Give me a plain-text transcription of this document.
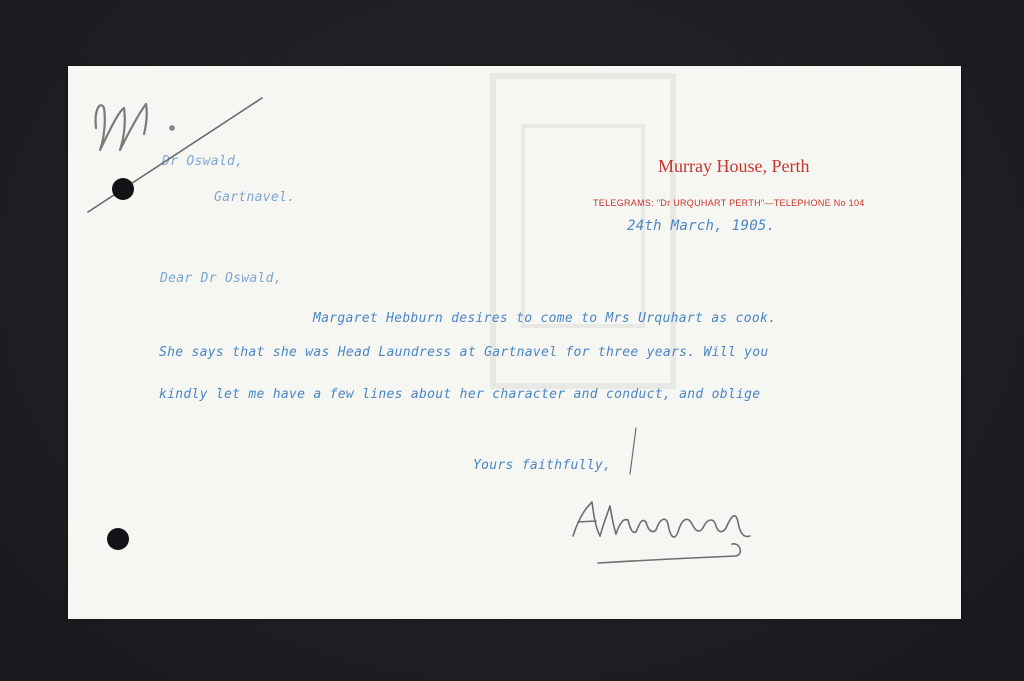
Murray House, Perth
TELEGRAMS: "Dr URQUHART PERTH"—TELEPHONE No 104
Dr Oswald,
Gartnavel.
24th March, 1905.
Dear Dr Oswald,
Margaret Hebburn desires to come to Mrs Urquhart as cook.
She says that she was Head Laundress at Gartnavel for three years. Will you
kindly let me have a few lines about her character and conduct, and oblige
Yours faithfully,
